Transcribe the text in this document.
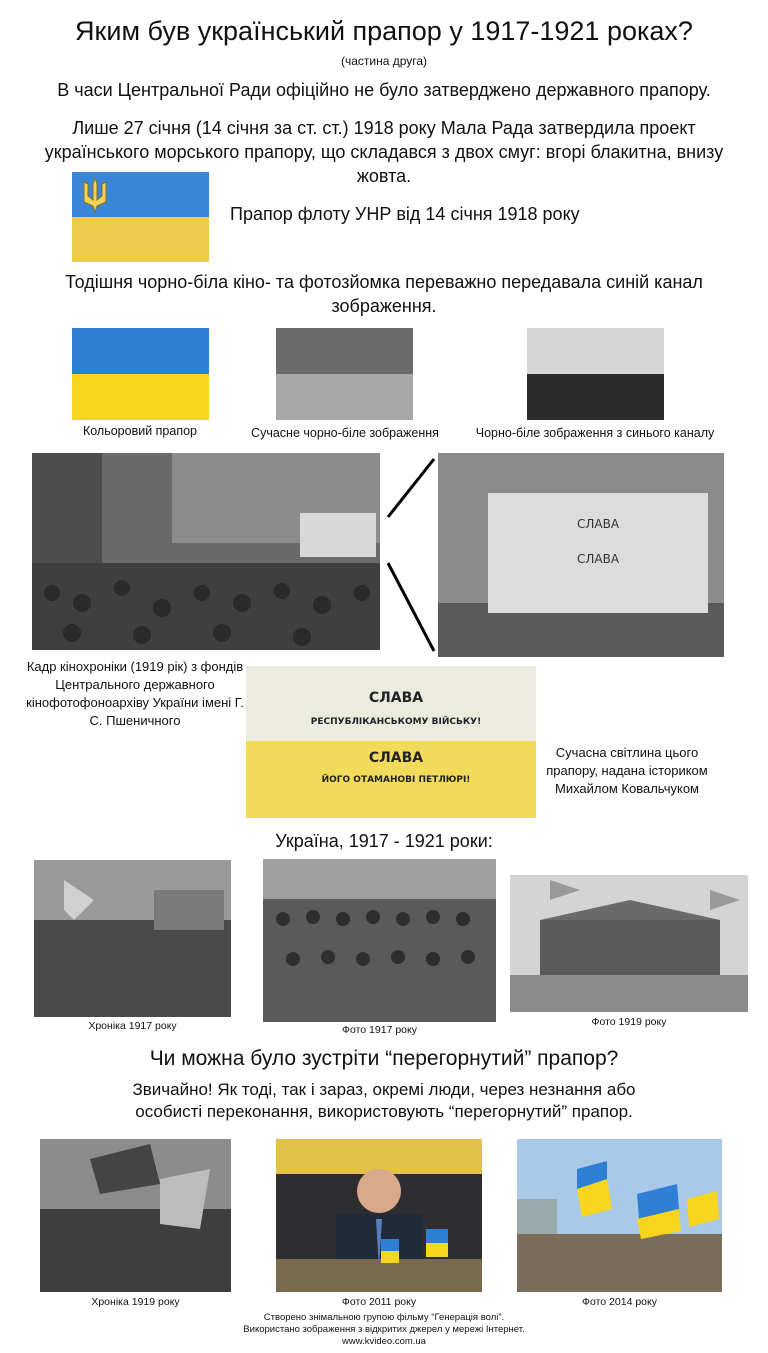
Яким був український прапор у 1917-1921 роках?
(частина друга)
В часи Центральної Ради офіційно не було затверджено державного прапору.
Лише 27 січня (14 січня за ст. ст.) 1918 року Мала Рада затвердила проект українського морського прапору, що складався з двох смуг: вгорі блакитна, внизу жовта.
Прапор флоту УНР від 14 січня 1918 року
Тодішня чорно-біла кіно- та фотозйомка переважно передавала синій канал зображення.
Кольоровий прапор	Сучасне чорно-біле зображення	Чорно-біле зображення з синього каналу
СЛАВА
СЛАВА
Кадр кінохроніки (1919 рік) з фондів Центрального державного кінофотофоноархіву України імені Г. С. Пшеничного
СЛАВА
РЕСПУБЛІКАНСЬКОМУ ВІЙСЬКУ!
СЛАВА
ЙОГО ОТАМАНОВІ ПЕТЛЮРІ!
Сучасна світлина цього прапору, надана істориком Михайлом Ковальчуком
Україна, 1917 - 1921 роки:
Хроніка 1917 року	Фото 1917 року
Фото 1919 року
Чи можна було зустріти “перегорнутий” прапор?
Звичайно! Як тоді, так і зараз, окремі люди, через незнання або особисті переконання, використовують “перегорнутий” прапор.
Хроніка 1919 року	Фото 2011 року	Фото 2014 року
Створено знімальною групою фільму “Генерація волі”.
Використано зображення з відкритих джерел у мережі Інтернет.
www.kvideo.com.ua
